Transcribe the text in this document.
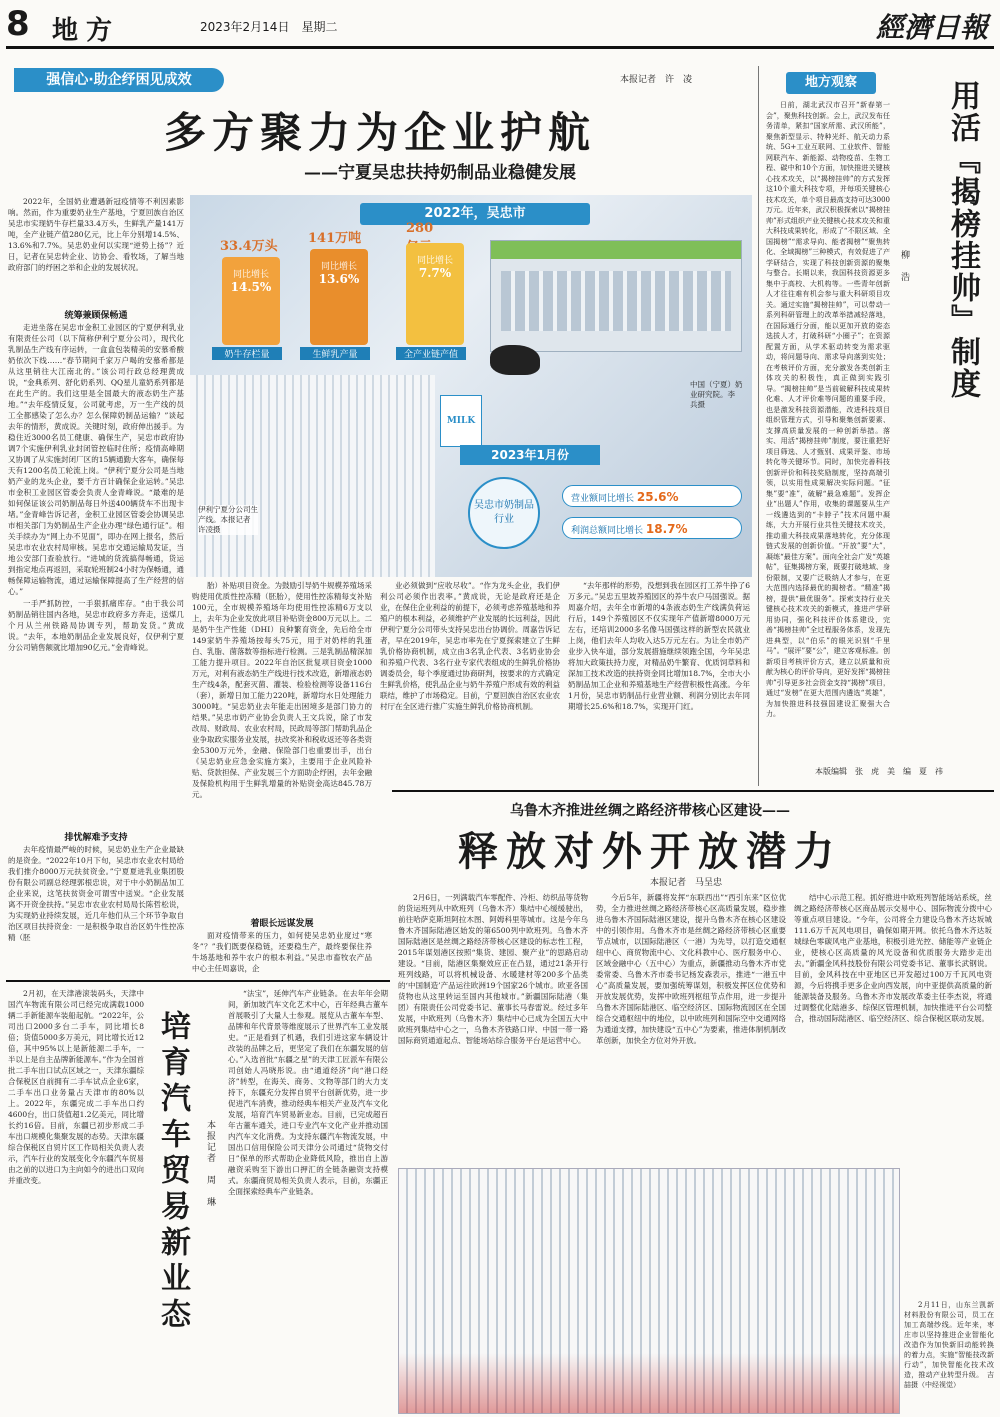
8 地方	2023年2月14日　星期二	經濟日報
强信心·助企纾困见成效	本报记者　许　凌
多方聚力为企业护航
——宁夏吴忠扶持奶制品业稳健发展
2022年，吴忠市
33.4万头
141万吨
280
同比增长
14.5%
同比增长
13.6%
同比增长
7.7%
奶牛存栏量	生鲜乳产量	全产业链产值
中国（宁夏）奶业研究院。李　兵摄
MILK
2023年1月份
吴忠市奶制品行业
营业额同比增长 25.6%
利润总额同比增长 18.7%
伊利宁夏分公司生产线。本报记者　许凌摄

2022年，全国奶业遭遇新冠疫情等不利因素影响。然而，作为重要奶业生产基地，宁夏回族自治区吴忠市实现奶牛存栏量33.4万头，生鲜乳产量141万吨，全产业链产值280亿元，比上年分别增14.5%、13.6%和7.7%。吴忠奶业何以实现“逆势上扬”？近日，记者在吴忠转企业、访协会、看牧场，了解当地政府部门的纾困之举和企业的发展状况。

统筹兼顾保畅通

走进坐落在吴忠市金积工业园区的宁夏伊利乳业有限责任公司（以下简称伊利宁夏分公司），现代化乳制品生产线有序运转，一盒盒包装精美的安慕希酸奶依次下线……“春节期间千家万户喝的安慕希都是从这里销往大江南北的。”该公司行政总经理黄成说，“金典系列、舒化奶系列、QQ星儿童奶系列都是在此生产的。我们这里是全国最大的液态奶生产基地。”“去年疫情反复，公司就考虑，万一生产线的员工全都感染了怎么办？怎么保障奶制品运输？”谈起去年的情形，黄成说。关键时刻，政府伸出援手。为稳住近3000名员工健康、确保生产，吴忠市政府协调7个实施伊利乳业封闭管控临时住所；疫情高峰期又协调了从实施封闭厂区的15辆通勤大客车，确保每天有1200名员工轮流上岗。“伊利宁夏分公司是当地奶产业的龙头企业，要千方百计确保企业运转。”吴忠市金积工业园区管委会负责人金青峰说。“最难的是如何保证该公司奶制品每日外送400辆货车不出现卡堵。”金青峰告诉记者，金积工业园区管委会协调吴忠市相关部门为奶制品生产企业办理“绿色通行证”。相关手续办为“网上办不见面”，即办在网上报名，然后吴忠市农业农村局审核。吴忠市交通运输局发证，当地公安部门查验放行。“进城的货流搞得畅通，货运到指定地点再返回，采取轮班制24小时为保畅通，通畅保障运输物流，通过运输保障提高了生产经营的信心。”

一手严抓防控，一手狠抓痛库存。“由于我公司奶制品销往国内各地，吴忠市政府多方奔走，送煤几个月从兰州铁路局协调专列，帮助发货。”黄成说。“去年，本地奶制品企业发展良好，仅伊利宁夏分公司销售额就比增加90亿元。”金青峰说。

排忧解难予支持

去年疫情最严峻的时候，吴忠奶业生产企业最缺的是资金。“2022年10月下旬，吴忠市农业农村局给我们推介8000万元扶贫资金。”宁夏夏进乳业集团股份有限公司副总经理郭根忠说，对于中小奶制品加工企业来说，这笔扶贫资金可谓雪中送炭。“企业发展离不开资金扶持。”吴忠市农业农村局局长陈哲松说，为实现奶业持续发展，近几年他们从三个环节争取自治区项目扶持资金：一是积极争取自治区奶牛性控冻精（胚

胎）补贴项目资金。为鼓励引导奶牛规模养殖场采购使用优质性控冻精（胚胎），使用性控冻精每支补贴100元，全市规模养殖场年均使用性控冻精6万支以上，去年为企业发放此项目补贴资金800万元以上。二是奶牛生产性能（DHI）良种繁育资金，先后给全市149家奶牛养殖场按每头75元，用于对奶样的乳蛋白、乳脂、菌落数等指标进行检测。三是乳制品精深加工能力提升项目。2022年自治区批复项目资金1000万元，对利有液态奶生产线进行技术改造，新增液态奶生产线4条，配套灭菌、灌装、检验检测等设备116台（套），新增日加工能力220吨，新增均水日处理能力3000吨。“吴忠奶业去年能走出困境多是部门协力的结果。”吴忠市奶产业协会负责人王文兵说，除了市发改局、财政局、农业农村局，民政局等部门帮助乳品企业争取政实服务业发展，扶改奖补和税收返还等各类资金5300万元外，金融、保险部门也重要出手，出台《吴忠奶业应急金实施方案》，主要用于企业风险补贴、贷款担保、产业发展三个方面助企纾困，去年金融及保险机构用于生鲜乳增量的补贴资金高达845.78万元。

着眼长远谋发展

面对疫情带来的压力，如何使吴忠奶业度过“寒冬”？”我们既要保稳链，还要稳生产，最终要保住养牛场基地和养牛农户的根本利益。”吴忠市畜牧农产品中心主任周嘉说，企

业必须做到“应收尽收”。“作为龙头企业，我们伊利公司必须作出表率。”黄成说，无论是政府还是企业，在保住企业利益的前提下，必须考虑养殖基地和养殖户的根本利益，必须维护产业发展的长远利益，因此伊利宁夏分公司带头支持吴忠出台协调价。周嘉告诉记者，早在2019年，吴忠市率先在宁夏探索建立了生鲜乳价格协商机制，成立由3名乳企代表、3名奶业协会和养殖户代表、3名行业专家代表组成的生鲜乳价格协调委员会，每个季度通过协商研判，按要求的方式确定生鲜乳价格，使乳品企业与奶牛养殖户形成有效的利益联结，维护了市场稳定。目前，宁夏回族自治区农业农村厅在全区进行推广实施生鲜乳价格协商机制。

“去年那样的形势，没想到我在园区打工养牛挣了6万多元。”吴忠五里坡养殖园区的养牛农户马国强说。据周嘉介绍，去年全市新增的4条液态奶生产线满负荷运行后，149个养殖园区不仅实现年产值新增8000万元左右，还培训2000多名像马国强这样的新型农民就业上岗，他们去年人均收入达5万元左右。为让全市奶产业步入快车道，部分发展措施继续领跑全国，今年吴忠将加大政策扶持力度，对精品奶牛繁育、优质饲草料和深加工技术改造的扶持资金同比增加18.7%，全市大小奶制品加工企业和养殖基地生产经营积极性高涨。今年1月份，吴忠市奶制品行业营业额、利润分别比去年同期增长25.6%和18.7%，实现开门红。

地方观察	用活『揭榜挂帅』制度
柳　浩

日前，湖北武汉市召开“新春第一会”，聚焦科技创新。会上，武汉发布任务清单，紧扣“国家所需、武汉所能”，聚焦新型显示、特种光纤、航天动力系统、5G+工业互联网、工业软件、智能网联汽车、新能源、动物疫苗、生物工程、碳中和10个方面，加快推进关键核心技术攻关，以“揭榜挂帅”的方式发挥这10个重大科技专项，并每项关键核心技术攻关，单个项目最高支持可达3000万元。近年来，武汉积极探索以“揭榜挂帅”形式组织产业关键核心技术攻关和重大科技成果转化，形成了“不限区域、全国揭榜”“需求导向、能者揭榜”“聚焦转化、全域揭榜”三种模式，有效促进了产学研结合，实现了科技创新资源的聚集与整合。长期以来，我国科技资源更多集中于高校、大机构等。一些青年创新人才往往难有机会参与重大科研项目攻关。通过实施“揭榜挂帅”，可以带动一系列科研管理上的改革举措减轻落地，在国际通行分面，能以更加开放的姿态选拔人才，打破科研“小圈子”；在资源配置方面，从学术驱动转变为需求驱动，将问题导向、需求导向落到实处；在考核评价方面，充分激发各类创新主体攻关的积极性，真正做到实践引导。“揭榜挂帅”是当前破解科技成果转化难、人才评价难等问题的重要手段，也是激发科技资源潜能，改进科技项目组织管理方式，引导和聚集创新要素、支撑高质量发展的一种创新举措。落实、用活“揭榜挂帅”制度，要注重把好项目筛选、人才甄别、成果评鉴、市场转化等关键环节。同时，加快完善科技创新评价和科技奖励制度，坚持高端引领，以实用性成果解决实际问题。“征集”要“准”，破解“最急难题”。发挥企业“出题人”作用，收集的课题要从生产一线遴选到的“卡脖子”技术问题中凝练，大力开展行业共性关键技术攻关，推动重大科技成果落地转化，充分体现链式发展的创新价值。“开放”要“大”，凝练“最佳方案”。面向全社会广发“英雄帖”，征集揭榜方案，既要打破地域、身份限制，又要广泛吸纳人才参与，在更大范围内选择最优的揭榜者。“精准”揭榜，提供“最优服务”。探索支持行业关键核心技术攻关的新模式，推进产学研用协同，强化科技评价体系建设，完善“揭榜挂帅”全过程服务体系，发现先进典型，以“伯乐”的眼光识别“千里马”。“展评”要“公”，建立客观标准。创新项目考核评价方式，建立以质量和贡献为核心的评价导向，更好发挥“揭榜挂帅”引导更多社会资金支持“揭榜”项目，通过“发榜”在更大范围内遴选“英雄”，为加快推进科技强国建设汇聚强大合力。

本版编辑　张　虎　美　编　夏　祎
乌鲁木齐推进丝绸之路经济带核心区建设——
释放对外开放潜力
本报记者　马呈忠

2月6日，一列满载汽车零配件、冷柜、纺织品等货物的货运班列从中欧班列（乌鲁木齐）集结中心缓缓驶出，前往哈萨克斯坦阿拉木图、阿姆科里等城市。这是今年乌鲁木齐国际陆港区始发的第6500列中欧班列。乌鲁木齐国际陆港区是丝绸之路经济带核心区建设的标志性工程，2015年谋划港区按照“集货、建园、聚产业”的思路启动建设。“目前，陆港区集聚效应正在凸显，通过21条开行班列线路，可以将机械设备、水暖建材等200多个品类的‘中国制造’产品运往欧洲19个国家26个城市。欧亚各国货物也从这里转运至国内其他城市。”新疆国际陆港（集团）有限责任公司党委书记、董事长马春雷说。经过多年发展，中欧班列（乌鲁木齐）集结中心已成为全国五大中欧班列集结中心之一，乌鲁木齐铁路口岸、中国一带一路国际商贸通道起点、智能场站综合服务平台是运营中心。

今后5年，新疆将发挥“东联西出”“西引东来”区位优势，全力推进丝绸之路经济带核心区高质量发展，稳步推进乌鲁木齐国际陆港区建设，提升乌鲁木齐在核心区建设中的引领作用。乌鲁木齐市是丝绸之路经济带核心区重要节点城市，以国际陆港区（一港）为先导，以打造交通枢纽中心、商贸物流中心、文化科教中心、医疗服务中心、区域金融中心（五中心）为重点，新疆推动乌鲁木齐市党委常委、乌鲁木齐市委书记杨发森表示，推进“一港五中心”高质量发展，要加强统筹谋划，积极发挥区位优势和开放发展优势，发挥中欧班列枢纽节点作用，进一步提升乌鲁木齐国际陆港区、临空经济区、国际物流园区在全国综合交通枢纽中的地位，以中欧班列和国际空中交通网络为通道支撑，加快建设“五中心”为要素，推进体制机制改革创新，加快全方位对外开放。

结中心示范工程。抓好推进中欧班列智能场站系统，丝绸之路经济带核心区商品展示交易中心、国际物流分拨中心等重点项目建设。“今年，公司将全力建设乌鲁木齐达坂城111.6万千瓦风电项目，确保如期开网。依托乌鲁木齐达坂城绿色零碳风电产业基地，积极引进光控、储能等产业链企业，使核心区高质量的风光设备和优质服务大踏步走出去。”新疆金风科技股份有限公司党委书记、董事长武钢说。目前，金风科技在中亚地区已开发超过100万千瓦风电资源，今后将携手更多企业向西发展，向中亚提供高质量的新能源装备及服务。乌鲁木齐市发展改革委主任李杰说，将通过调整优化陆港多、综保区管理机制，加快推进平台公司整合，推动国际陆港区、临空经济区、综合保税区联动发展。

2月11日，山东兰凯新材料股份有限公司，员工在加工高端纱线。近年来，枣庄市以坚持推进企业智能化改造作为加快新旧动能转换的着力点，实施“智能技改新行动”，加快智能化技术改造，推动产业转型升级。　吉　喆摄（中经视觉）

培育汽车贸易新业态	本报记者　周　琳

2月初，在天津港滚装码头，天津中国汽车物流有限公司已经完成满载1000辆二手新能源车装船起航。“2022年，公司出口2000多台二手车，同比增长8倍；货值5000多万美元，同比增长近12倍，其中95%以上是新能源二手车，一半以上是自主品牌新能源车。”作为全国首批二手车出口试点区域之一，天津东疆综合保税区自前拥有二手车试点企业6家，二手车出口业务量占天津市的80%以上。2022年，东疆完成二手车出口约4600台，出口货值超1.2亿美元，同比增长约16倍。目前，东疆已初步形成二手车出口规模化集聚发展的态势。天津东疆综合保税区自贸片区工作局相关负责人表示，汽车行业的发展变化令东疆汽车贸易由之前的以进口为主向如今的进出口双向并重改变。

“法宝”，延伸汽车产业链条。在去年年会期间，新加坡汽车文化艺术中心，百年经典古董车首展吸引了大量人士参观。展览从古董车车型、品牌和年代背景等维度展示了世界汽车工业发展史。“正是看到了机遇，我们引进这家车辆设计改装的品牌之后，更坚定了我们在东疆发展的信心。”入选首批“东疆之星”的天津工匠派车有限公司创始人冯晓彤说。由“通道经济”向“港口经济”转型，在海关、商务、文物等部门的大力支持下，东疆充分发挥自贸平台创新优势，进一步促进汽车消费，推动经典车相关产业及汽车文化发展，培育汽车贸易新业态。目前，已完成超百年古董车通关，进口专业汽车文化产业并推动国内汽车文化消费。为支持东疆汽车物流发展，中国出口信用保险公司天津分公司通过“货物交付日”保单的形式帮助企业降低风险，推出自上游融资采购至下游出口押汇的全链条融资支持模式。东疆商贸局相关负责人表示，目前，东疆正全面探索经典车产业链条。
